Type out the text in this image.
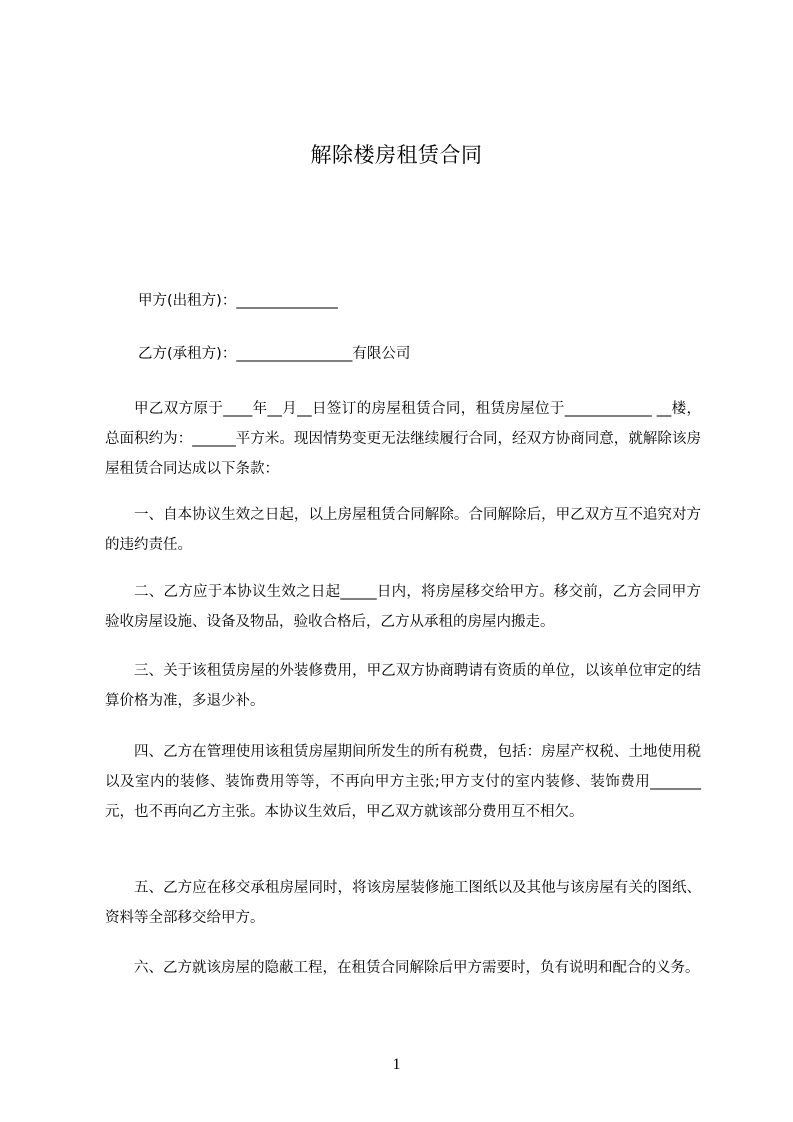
解除楼房租赁合同
甲方(出租方)：______________
乙方(承租方)：________________有限公司
甲乙双方原于____年__月__日签订的房屋租赁合同，租赁房屋位于____________ __楼，总面积约为：______平方米。现因情势变更无法继续履行合同，经双方协商同意，就解除该房屋租赁合同达成以下条款：
一、自本协议生效之日起，以上房屋租赁合同解除。合同解除后，甲乙双方互不追究对方的违约责任。
二、乙方应于本协议生效之日起_____日内，将房屋移交给甲方。移交前，乙方会同甲方验收房屋设施、设备及物品，验收合格后，乙方从承租的房屋内搬走。
三、关于该租赁房屋的外装修费用，甲乙双方协商聘请有资质的单位，以该单位审定的结算价格为准，多退少补。
四、乙方在管理使用该租赁房屋期间所发生的所有税费，包括：房屋产权税、土地使用税以及室内的装修、装饰费用等等，不再向甲方主张;甲方支付的室内装修、装饰费用_______元，也不再向乙方主张。本协议生效后，甲乙双方就该部分费用互不相欠。
五、乙方应在移交承租房屋同时，将该房屋装修施工图纸以及其他与该房屋有关的图纸、资料等全部移交给甲方。
六、乙方就该房屋的隐蔽工程，在租赁合同解除后甲方需要时，负有说明和配合的义务。
1
